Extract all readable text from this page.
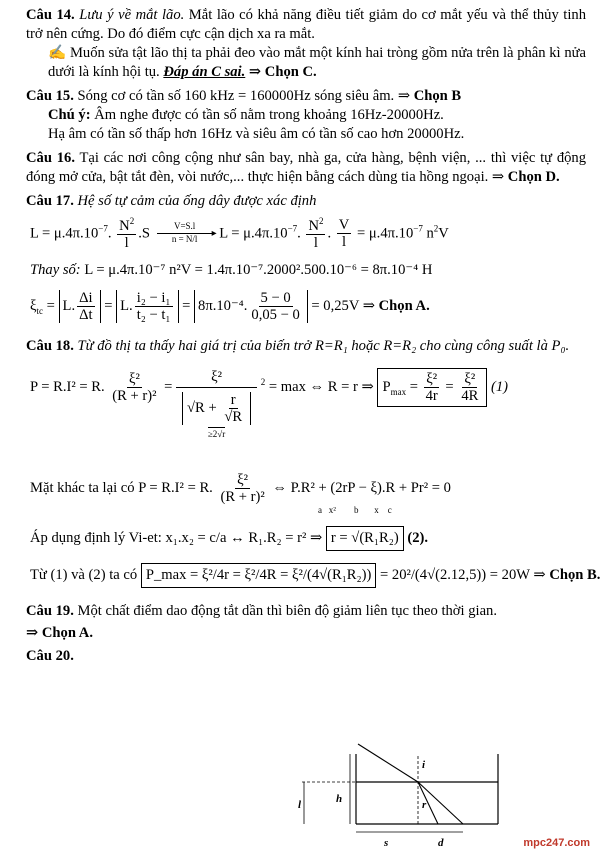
Câu 14. Lưu ý về mắt lão. Mắt lão có khả năng điều tiết giảm do cơ mắt yếu và thể thủy tinh trở nên cứng. Do đó điểm cực cận dịch xa ra mắt.

✍ Muốn sửa tật lão thị ta phải đeo vào mắt một kính hai tròng gồm nửa trên là phân kì nửa dưới là kính hội tụ. Đáp án C sai. ⇒ Chọn C.

Câu 15. Sóng cơ có tần số 160 kHz = 160000Hz sóng siêu âm. ⇒ Chọn B

Chú ý: Âm nghe được có tần số nằm trong khoảng 16Hz-20000Hz.

Hạ âm có tần số thấp hơn 16Hz và siêu âm có tần số cao hơn 20000Hz.

Câu 16. Tại các nơi công cộng như sân bay, nhà ga, cửa hàng, bệnh viện, ... thì việc tự động đóng mở cửa, bật tắt đèn, vòi nước,... thực hiện bằng cách dùng tia hồng ngoại. ⇒ Chọn D.

Câu 17. Hệ số tự cảm của ống dây được xác định

$L = \mu.4\pi.10^{-7}$. $\frac{N^2}{l} .S$	V=S.l
▸
n = N/l $L = \mu.4\pi.10^{-7}$. $\frac{N^2}{l}$ . $\frac{V}{l} = \mu.4\pi.10^{-7}$ $n^2V$
Thay số: L = μ.4π.10⁻⁷ n²V = 1.4π.10⁻⁷.2000².500.10⁻⁶ = 8π.10⁻⁴ H
$\xi_{tc} = L$. $\frac{\Delta i}{\Delta t} = L$. $\frac{\text{i₂ − i₁}}{\text{t₂ − t₁}} = 8\pi.10^{-4}$. $\frac{5 - 0}{0,05 - 0} = 0,25V$ ⇒ Chọn A.

Câu 18. Từ đồ thị ta thấy hai giá trị của biến trở R=R₁ hoặc R=R₂ cho cùng công suất là P₀.

P = R.I² = R. $\frac{\text{ξ²}}{\text{(R + r)²}} = \xi^2$
$√R + \frac{r}{√R}$
≥2√r $^2$ = max ⇔ R = r ⇒ $P_{max} = \frac{\text{ξ²}}{4r} = \frac{\text{ξ²}}{4R} (1)$
Mặt khác ta lại có P = R.I² = R. $\frac{\text{ξ²}}{\text{(R + r)²}}$ ⇔ P.R² + (2rP − ξ).R + Pr² = 0
a   x²        b       x    c
Áp dụng định lý Vi-et: x₁.x₂ = c/a ↔ R₁.R₂ = r² ⇒ r = √(R₁R₂) (2).
Từ (1) và (2) ta có P_max = ξ²/4r = ξ²/4R = ξ²/(4√(R₁R₂)) = 20²/(4√(2.12,5)) = 20W ⇒ Chọn B.

Câu 19. Một chất điểm dao động tắt dần thì biên độ giảm liên tục theo thời gian.

⇒ Chọn A.

Câu 20.

i
h
l	r
s	d	mpc247.com
